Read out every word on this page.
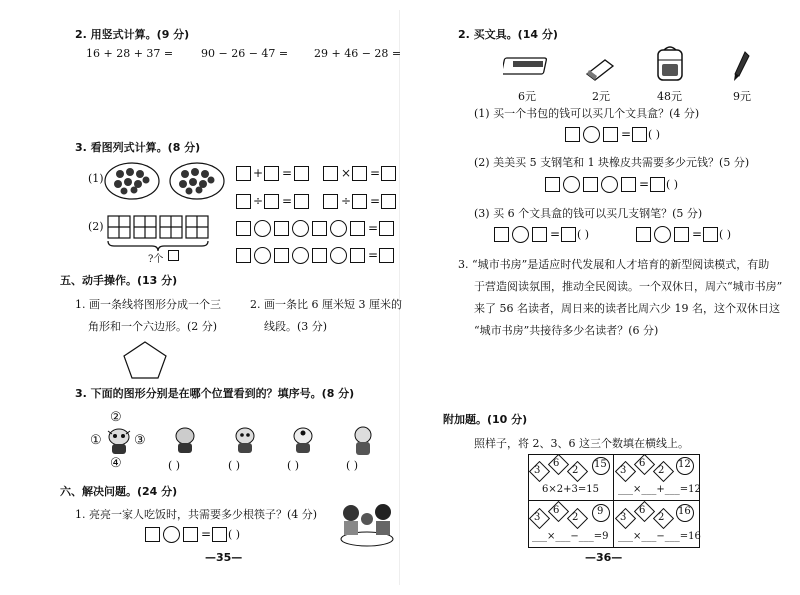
2. 用竖式计算。(9 分)
16 + 28 + 37 =	90 − 26 − 47 = 29 + 46 − 28 =
3. 看图列式计算。(8 分)
(1)	+ =	× =
÷ =	÷ =
(2)
?个
=
=
五、动手操作。(13 分)
1. 画一条线将图形分成一个三
角形和一个六边形。(2 分)
2. 画一条比 6 厘米短 3 厘米的
线段。(3 分)
3. 下面的图形分别是在哪个位置看到的？填序号。(8 分)
②
① ③
④	( )	( )	( )	( )
六、解决问题。(24 分)
1. 亮亮一家人吃饭时，共需要多少根筷子？(4 分)
= ( )
—35—
2. 买文具。(14 分)
6元	2元	48元	9元
(1) 买一个书包的钱可以买几个文具盒？(4 分)
= ( )
(2) 美美买 5 支钢笔和 1 块橡皮共需要多少元钱？(5 分)
= ( )
(3) 买 6 个文具盒的钱可以买几支钢笔？(5 分)
= ( )	= ( )
3. “城市书房”是适应时代发展和人才培育的新型阅读模式，有助
于营造阅读氛围，推动全民阅读。一个双休日，周六“城市书房”
来了 56 名读者，周日来的读者比周六少 19 名，这个双休日这
“城市书房”共接待多少名读者？(6 分)
附加题。(10 分)
照样子，将 2、3、6 这三个数填在横线上。
3
6
2
15
6×2+3=15
3
6
2
12
___×___+___=12
3
6
2
9
___×___−___=9
3
6
2
16
___×___−___=16
—36—
